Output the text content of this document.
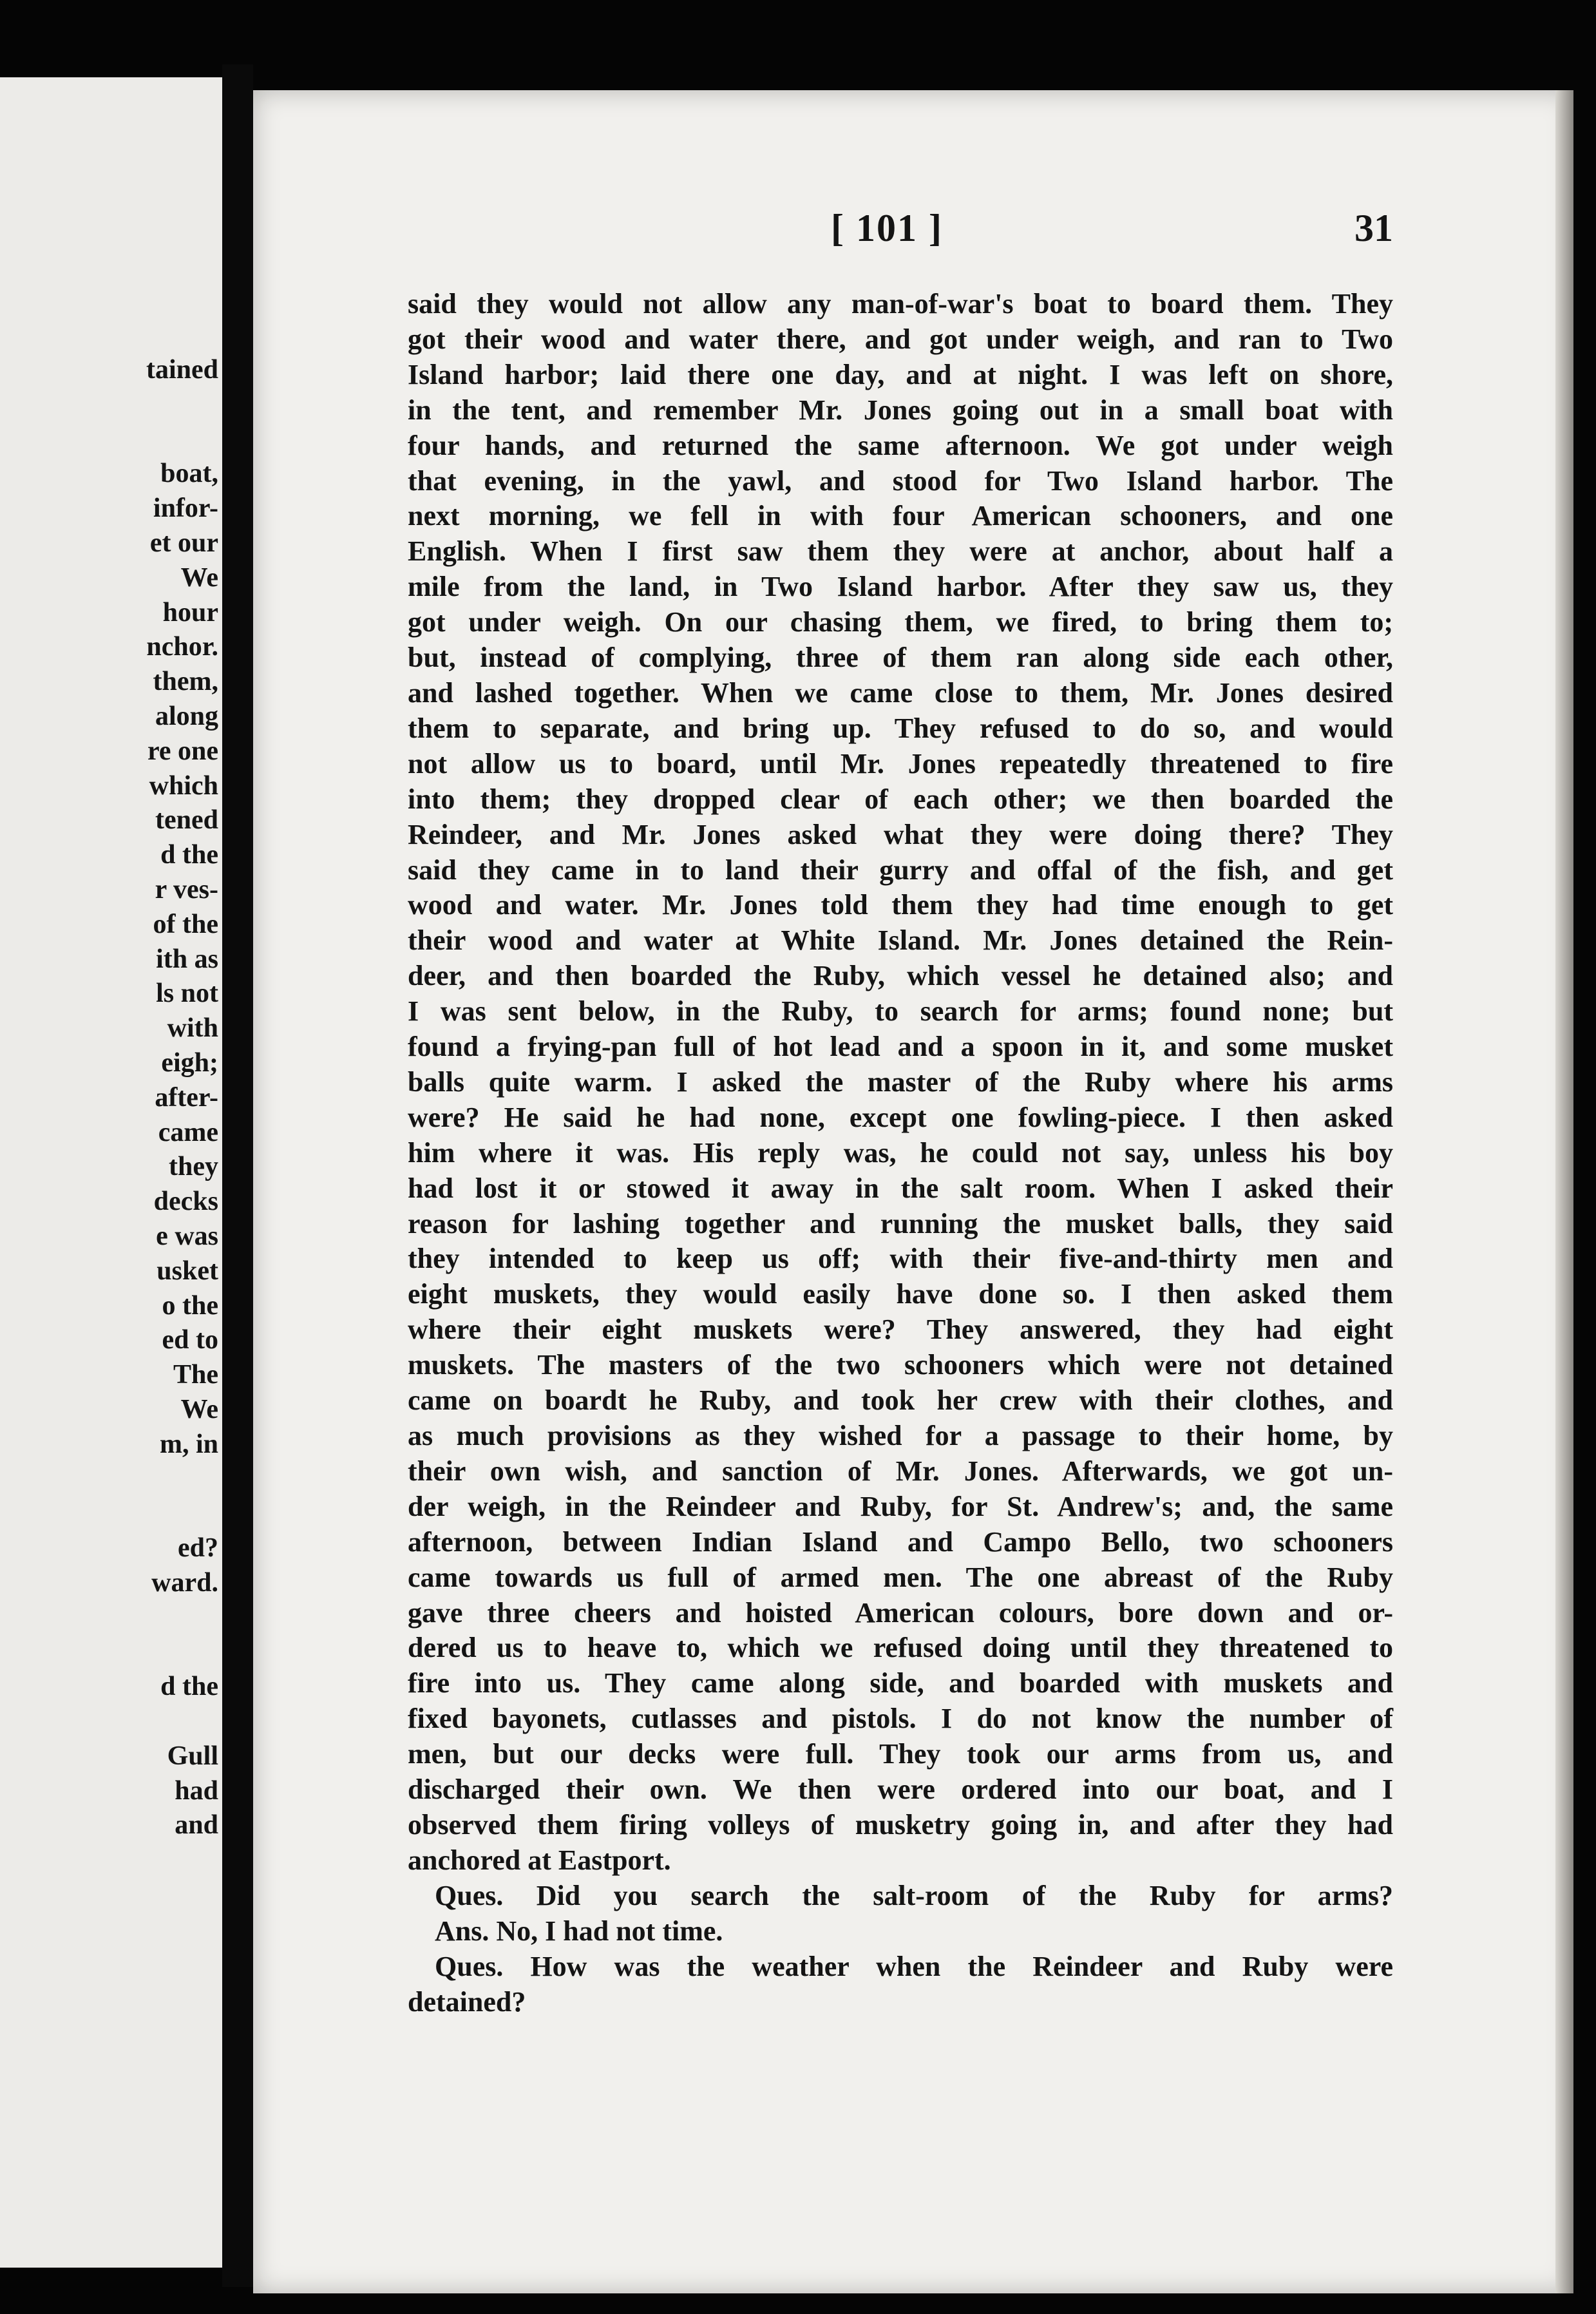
tained
boat,
infor-
et our
We
hour
nchor.
them,
along
re one
which
tened
d the
r ves-
of the
ith as
ls not
with
eigh;
after-
came
they
decks
e was
usket
o the
ed to
The
We
m, in
ed?
ward.
d the
Gull
had
and
[ 101 ]	31
said they would not allow any man-of-war's boat to board them. They
got their wood and water there, and got under weigh, and ran to Two
Island harbor; laid there one day, and at night. I was left on shore,
in the tent, and remember Mr. Jones going out in a small boat with
four hands, and returned the same afternoon. We got under weigh
that evening, in the yawl, and stood for Two Island harbor. The
next morning, we fell in with four American schooners, and one
English. When I first saw them they were at anchor, about half a
mile from the land, in Two Island harbor. After they saw us, they
got under weigh. On our chasing them, we fired, to bring them to;
but, instead of complying, three of them ran along side each other,
and lashed together. When we came close to them, Mr. Jones desired
them to separate, and bring up. They refused to do so, and would
not allow us to board, until Mr. Jones repeatedly threatened to fire
into them; they dropped clear of each other; we then boarded the
Reindeer, and Mr. Jones asked what they were doing there? They
said they came in to land their gurry and offal of the fish, and get
wood and water. Mr. Jones told them they had time enough to get
their wood and water at White Island. Mr. Jones detained the Rein-
deer, and then boarded the Ruby, which vessel he detained also; and
I was sent below, in the Ruby, to search for arms; found none; but
found a frying-pan full of hot lead and a spoon in it, and some musket
balls quite warm. I asked the master of the Ruby where his arms
were? He said he had none, except one fowling-piece. I then asked
him where it was. His reply was, he could not say, unless his boy
had lost it or stowed it away in the salt room. When I asked their
reason for lashing together and running the musket balls, they said
they intended to keep us off; with their five-and-thirty men and
eight muskets, they would easily have done so. I then asked them
where their eight muskets were? They answered, they had eight
muskets. The masters of the two schooners which were not detained
came on boardt he Ruby, and took her crew with their clothes, and
as much provisions as they wished for a passage to their home, by
their own wish, and sanction of Mr. Jones. Afterwards, we got un-
der weigh, in the Reindeer and Ruby, for St. Andrew's; and, the same
afternoon, between Indian Island and Campo Bello, two schooners
came towards us full of armed men. The one abreast of the Ruby
gave three cheers and hoisted American colours, bore down and or-
dered us to heave to, which we refused doing until they threatened to
fire into us. They came along side, and boarded with muskets and
fixed bayonets, cutlasses and pistols. I do not know the number of
men, but our decks were full. They took our arms from us, and
discharged their own. We then were ordered into our boat, and I
observed them firing volleys of musketry going in, and after they had
anchored at Eastport.
Ques. Did you search the salt-room of the Ruby for arms?
Ans. No, I had not time.
Ques. How was the weather when the Reindeer and Ruby were
detained?
